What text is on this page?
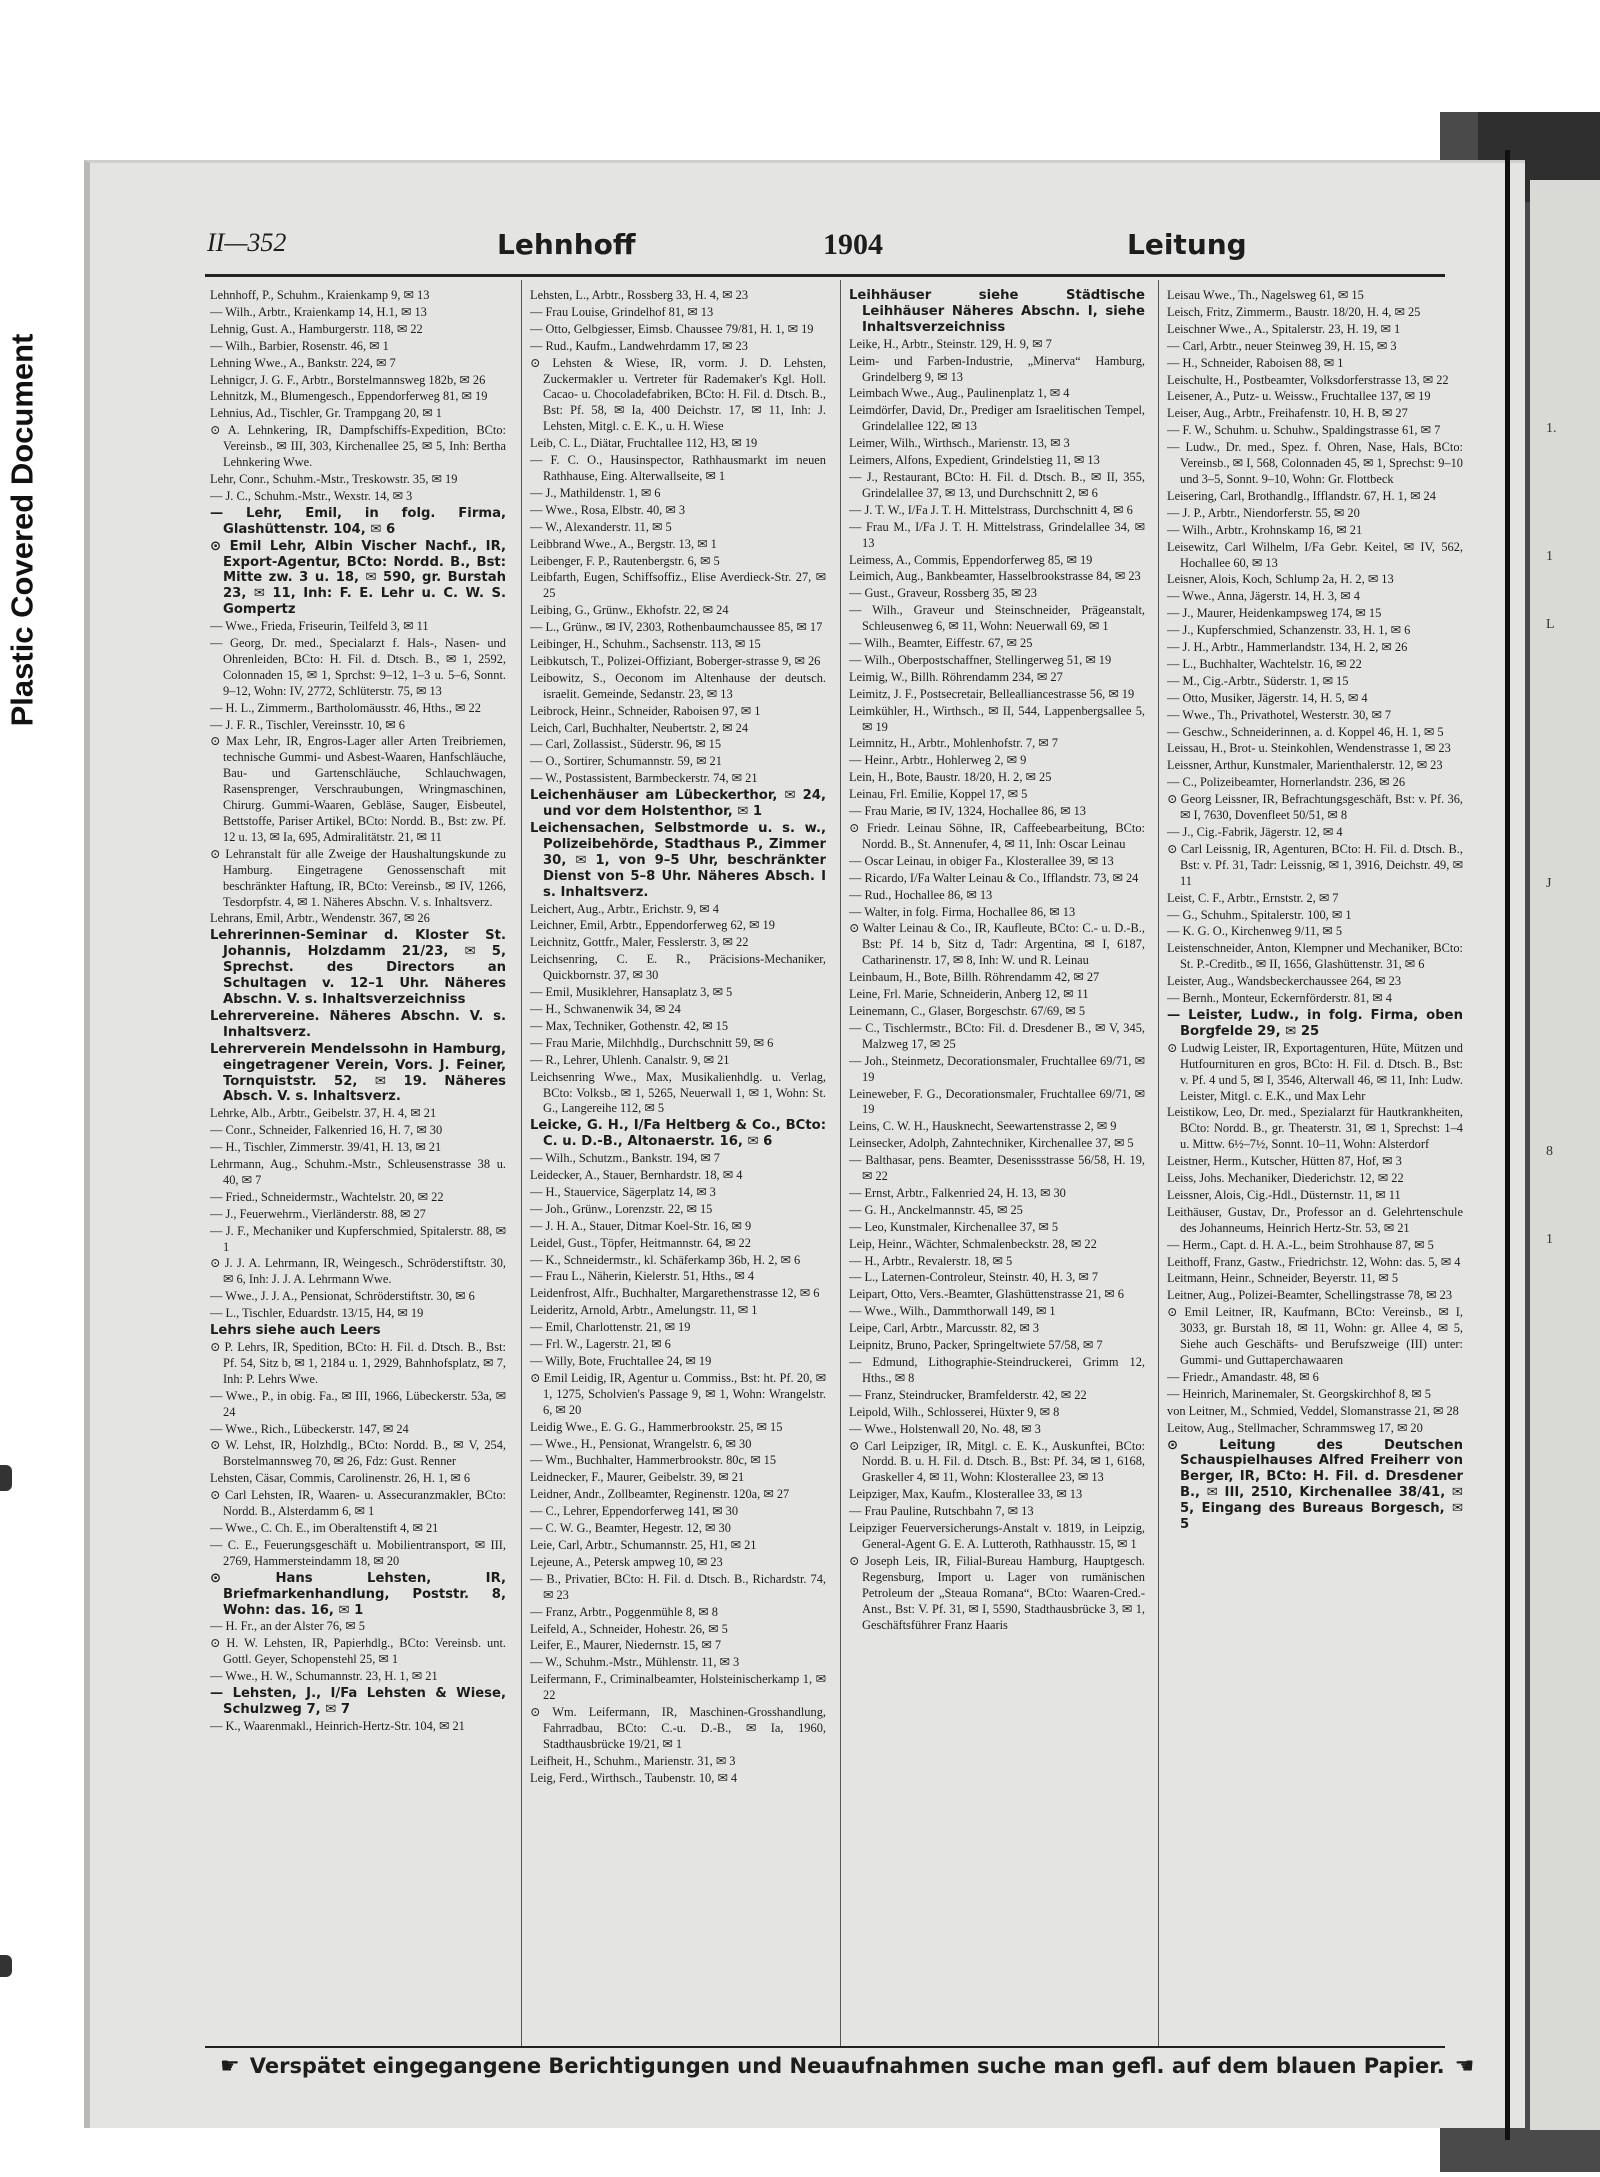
Plastic Covered Document	1.
1
L
J
8
1
II—352	Lehnhoff	1904	Leitung
Lehnhoff, P., Schuhm., Kraienkamp 9, ✉ 13
— Wilh., Arbtr., Kraienkamp 14, H.1, ✉ 13
Lehnig, Gust. A., Hamburgerstr. 118, ✉ 22
— Wilh., Barbier, Rosenstr. 46, ✉ 1
Lehning Wwe., A., Bankstr. 224, ✉ 7
Lehnigcr, J. G. F., Arbtr., Borstelmannsweg 182b, ✉ 26
Lehnitzk, M., Blumengesch., Eppendorferweg 81, ✉ 19
Lehnius, Ad., Tischler, Gr. Trampgang 20, ✉ 1
⊙ A. Lehnkering, IR, Dampfschiffs-Expedition, BCto: Vereinsb., ✉ III, 303, Kirchenallee 25, ✉ 5, Inh: Bertha Lehnkering Wwe.
Lehr, Conr., Schuhm.-Mstr., Treskowstr. 35, ✉ 19
— J. C., Schuhm.-Mstr., Wexstr. 14, ✉ 3
— Lehr, Emil, in folg. Firma, Glashüttenstr. 104, ✉ 6
⊙ Emil Lehr, Albin Vischer Nachf., IR, Export-Agentur, BCto: Nordd. B., Bst: Mitte zw. 3 u. 18, ✉ 590, gr. Burstah 23, ✉ 11, Inh: F. E. Lehr u. C. W. S. Gompertz
— Wwe., Frieda, Friseurin, Teilfeld 3, ✉ 11
— Georg, Dr. med., Specialarzt f. Hals-, Nasen- und Ohrenleiden, BCto: H. Fil. d. Dtsch. B., ✉ 1, 2592, Colonnaden 15, ✉ 1, Sprchst: 9–12, 1–3 u. 5–6, Sonnt. 9–12, Wohn: IV, 2772, Schlüterstr. 75, ✉ 13
— H. L., Zimmerm., Bartholomäusstr. 46, Hths., ✉ 22
— J. F. R., Tischler, Vereinsstr. 10, ✉ 6
⊙ Max Lehr, IR, Engros-Lager aller Arten Treibriemen, technische Gummi- und Asbest-Waaren, Hanfschläuche, Bau- und Gartenschläuche, Schlauchwagen, Rasensprenger, Verschraubungen, Wringmaschinen, Chirurg. Gummi-Waaren, Gebläse, Sauger, Eisbeutel, Bettstoffe, Pariser Artikel, BCto: Nordd. B., Bst: zw. Pf. 12 u. 13, ✉ Ia, 695, Admiralitätstr. 21, ✉ 11
⊙ Lehranstalt für alle Zweige der Haushaltungskunde zu Hamburg. Eingetragene Genossenschaft mit beschränkter Haftung, IR, BCto: Vereinsb., ✉ IV, 1266, Tesdorpfstr. 4, ✉ 1. Näheres Abschn. V. s. Inhaltsverz.
Lehrans, Emil, Arbtr., Wendenstr. 367, ✉ 26
Lehrerinnen-Seminar d. Kloster St. Johannis, Holzdamm 21/23, ✉ 5, Sprechst. des Directors an Schultagen v. 12–1 Uhr. Näheres Abschn. V. s. Inhaltsverzeichniss
Lehrervereine. Näheres Abschn. V. s. Inhaltsverz.
Lehrerverein Mendelssohn in Hamburg, eingetragener Verein, Vors. J. Feiner, Tornquiststr. 52, ✉ 19. Näheres Absch. V. s. Inhaltsverz.
Lehrke, Alb., Arbtr., Geibelstr. 37, H. 4, ✉ 21
— Conr., Schneider, Falkenried 16, H. 7, ✉ 30
— H., Tischler, Zimmerstr. 39/41, H. 13, ✉ 21
Lehrmann, Aug., Schuhm.-Mstr., Schleusenstrasse 38 u. 40, ✉ 7
— Fried., Schneidermstr., Wachtelstr. 20, ✉ 22
— J., Feuerwehrm., Vierländerstr. 88, ✉ 27
— J. F., Mechaniker und Kupferschmied, Spitalerstr. 88, ✉ 1
⊙ J. J. A. Lehrmann, IR, Weingesch., Schröderstiftstr. 30, ✉ 6, Inh: J. J. A. Lehrmann Wwe.
— Wwe., J. J. A., Pensionat, Schröderstiftstr. 30, ✉ 6
— L., Tischler, Eduardstr. 13/15, H4, ✉ 19
Lehrs siehe auch Leers
⊙ P. Lehrs, IR, Spedition, BCto: H. Fil. d. Dtsch. B., Bst: Pf. 54, Sitz b, ✉ 1, 2184 u. 1, 2929, Bahnhofsplatz, ✉ 7, Inh: P. Lehrs Wwe.
— Wwe., P., in obig. Fa., ✉ III, 1966, Lübeckerstr. 53a, ✉ 24
— Wwe., Rich., Lübeckerstr. 147, ✉ 24
⊙ W. Lehst, IR, Holzhdlg., BCto: Nordd. B., ✉ V, 254, Borstelmannsweg 70, ✉ 26, Fdz: Gust. Renner
Lehsten, Cäsar, Commis, Carolinenstr. 26, H. 1, ✉ 6
⊙ Carl Lehsten, IR, Waaren- u. Assecuranzmakler, BCto: Nordd. B., Alsterdamm 6, ✉ 1
— Wwe., C. Ch. E., im Oberaltenstift 4, ✉ 21
— C. E., Feuerungsgeschäft u. Mobilientransport, ✉ III, 2769, Hammersteindamm 18, ✉ 20
⊙ Hans Lehsten, IR, Briefmarkenhandlung, Poststr. 8, Wohn: das. 16, ✉ 1
— H. Fr., an der Alster 76, ✉ 5
⊙ H. W. Lehsten, IR, Papierhdlg., BCto: Vereinsb. unt. Gottl. Geyer, Schopenstehl 25, ✉ 1
— Wwe., H. W., Schumannstr. 23, H. 1, ✉ 21
— Lehsten, J., I/Fa Lehsten & Wiese, Schulzweg 7, ✉ 7
— K., Waarenmakl., Heinrich-Hertz-Str. 104, ✉ 21
Lehsten, L., Arbtr., Rossberg 33, H. 4, ✉ 23
— Frau Louise, Grindelhof 81, ✉ 13
— Otto, Gelbgiesser, Eimsb. Chaussee 79/81, H. 1, ✉ 19
— Rud., Kaufm., Landwehrdamm 17, ✉ 23
⊙ Lehsten & Wiese, IR, vorm. J. D. Lehsten, Zuckermakler u. Vertreter für Rademaker's Kgl. Holl. Cacao- u. Chocoladefabriken, BCto: H. Fil. d. Dtsch. B., Bst: Pf. 58, ✉ Ia, 400 Deichstr. 17, ✉ 11, Inh: J. Lehsten, Mitgl. c. E. K., u. H. Wiese
Leib, C. L., Diätar, Fruchtallee 112, H3, ✉ 19
— F. C. O., Hausinspector, Rathhausmarkt im neuen Rathhause, Eing. Alterwallseite, ✉ 1
— J., Mathildenstr. 1, ✉ 6
— Wwe., Rosa, Elbstr. 40, ✉ 3
— W., Alexanderstr. 11, ✉ 5
Leibbrand Wwe., A., Bergstr. 13, ✉ 1
Leibenger, F. P., Rautenbergstr. 6, ✉ 5
Leibfarth, Eugen, Schiffsoffiz., Elise Averdieck-Str. 27, ✉ 25
Leibing, G., Grünw., Ekhofstr. 22, ✉ 24
— L., Grünw., ✉ IV, 2303, Rothenbaumchaussee 85, ✉ 17
Leibinger, H., Schuhm., Sachsenstr. 113, ✉ 15
Leibkutsch, T., Polizei-Offiziant, Boberger-strasse 9, ✉ 26
Leibowitz, S., Oeconom im Altenhause der deutsch. israelit. Gemeinde, Sedanstr. 23, ✉ 13
Leibrock, Heinr., Schneider, Raboisen 97, ✉ 1
Leich, Carl, Buchhalter, Neubertstr. 2, ✉ 24
— Carl, Zollassist., Süderstr. 96, ✉ 15
— O., Sortirer, Schumannstr. 59, ✉ 21
— W., Postassistent, Barmbeckerstr. 74, ✉ 21
Leichenhäuser am Lübeckerthor, ✉ 24, und vor dem Holstenthor, ✉ 1
Leichensachen, Selbstmorde u. s. w., Polizeibehörde, Stadthaus P., Zimmer 30, ✉ 1, von 9–5 Uhr, beschränkter Dienst von 5–8 Uhr. Näheres Absch. I s. Inhaltsverz.
Leichert, Aug., Arbtr., Erichstr. 9, ✉ 4
Leichner, Emil, Arbtr., Eppendorferweg 62, ✉ 19
Leichnitz, Gottfr., Maler, Fesslerstr. 3, ✉ 22
Leichsenring, C. E. R., Präcisions-Mechaniker, Quickbornstr. 37, ✉ 30
— Emil, Musiklehrer, Hansaplatz 3, ✉ 5
— H., Schwanenwik 34, ✉ 24
— Max, Techniker, Gothenstr. 42, ✉ 15
— Frau Marie, Milchhdlg., Durchschnitt 59, ✉ 6
— R., Lehrer, Uhlenh. Canalstr. 9, ✉ 21
Leichsenring Wwe., Max, Musikalienhdlg. u. Verlag, BCto: Volksb., ✉ 1, 5265, Neuerwall 1, ✉ 1, Wohn: St. G., Langereihe 112, ✉ 5
Leicke, G. H., I/Fa Heltberg & Co., BCto: C. u. D.-B., Altonaerstr. 16, ✉ 6
— Wilh., Schutzm., Bankstr. 194, ✉ 7
Leidecker, A., Stauer, Bernhardstr. 18, ✉ 4
— H., Stauervice, Sägerplatz 14, ✉ 3
— Joh., Grünw., Lorenzstr. 22, ✉ 15
— J. H. A., Stauer, Ditmar Koel-Str. 16, ✉ 9
Leidel, Gust., Töpfer, Heitmannstr. 64, ✉ 22
— K., Schneidermstr., kl. Schäferkamp 36b, H. 2, ✉ 6
— Frau L., Näherin, Kielerstr. 51, Hths., ✉ 4
Leidenfrost, Alfr., Buchhalter, Margarethenstrasse 12, ✉ 6
Leideritz, Arnold, Arbtr., Amelungstr. 11, ✉ 1
— Emil, Charlottenstr. 21, ✉ 19
— Frl. W., Lagerstr. 21, ✉ 6
— Willy, Bote, Fruchtallee 24, ✉ 19
⊙ Emil Leidig, IR, Agentur u. Commiss., Bst: ht. Pf. 20, ✉ 1, 1275, Scholvien's Passage 9, ✉ 1, Wohn: Wrangelstr. 6, ✉ 20
Leidig Wwe., E. G. G., Hammerbrookstr. 25, ✉ 15
— Wwe., H., Pensionat, Wrangelstr. 6, ✉ 30
— Wm., Buchhalter, Hammerbrookstr. 80c, ✉ 15
Leidnecker, F., Maurer, Geibelstr. 39, ✉ 21
Leidner, Andr., Zollbeamter, Reginenstr. 120a, ✉ 27
— C., Lehrer, Eppendorferweg 141, ✉ 30
— C. W. G., Beamter, Hegestr. 12, ✉ 30
Leie, Carl, Arbtr., Schumannstr. 25, H1, ✉ 21
Lejeune, A., Petersk ampweg 10, ✉ 23
— B., Privatier, BCto: H. Fil. d. Dtsch. B., Richardstr. 74, ✉ 23
— Franz, Arbtr., Poggenmühle 8, ✉ 8
Leifeld, A., Schneider, Hohestr. 26, ✉ 5
Leifer, E., Maurer, Niedernstr. 15, ✉ 7
— W., Schuhm.-Mstr., Mühlenstr. 11, ✉ 3
Leifermann, F., Criminalbeamter, Holsteinischerkamp 1, ✉ 22
⊙ Wm. Leifermann, IR, Maschinen-Grosshandlung, Fahrradbau, BCto: C.-u. D.-B., ✉ Ia, 1960, Stadthausbrücke 19/21, ✉ 1
Leifheit, H., Schuhm., Marienstr. 31, ✉ 3
Leig, Ferd., Wirthsch., Taubenstr. 10, ✉ 4
Leihhäuser siehe Städtische Leihhäuser Näheres Abschn. I, siehe Inhaltsverzeichniss
Leike, H., Arbtr., Steinstr. 129, H. 9, ✉ 7
Leim- und Farben-Industrie, „Minerva“ Hamburg, Grindelberg 9, ✉ 13
Leimbach Wwe., Aug., Paulinenplatz 1, ✉ 4
Leimdörfer, David, Dr., Prediger am Israelitischen Tempel, Grindelallee 122, ✉ 13
Leimer, Wilh., Wirthsch., Marienstr. 13, ✉ 3
Leimers, Alfons, Expedient, Grindelstieg 11, ✉ 13
— J., Restaurant, BCto: H. Fil. d. Dtsch. B., ✉ II, 355, Grindelallee 37, ✉ 13, und Durchschnitt 2, ✉ 6
— J. T. W., I/Fa J. T. H. Mittelstrass, Durchschnitt 4, ✉ 6
— Frau M., I/Fa J. T. H. Mittelstrass, Grindelallee 34, ✉ 13
Leimess, A., Commis, Eppendorferweg 85, ✉ 19
Leimich, Aug., Bankbeamter, Hasselbrookstrasse 84, ✉ 23
— Gust., Graveur, Rossberg 35, ✉ 23
— Wilh., Graveur und Steinschneider, Prägeanstalt, Schleusenweg 6, ✉ 11, Wohn: Neuerwall 69, ✉ 1
— Wilh., Beamter, Eiffestr. 67, ✉ 25
— Wilh., Oberpostschaffner, Stellingerweg 51, ✉ 19
Leimig, W., Billh. Röhrendamm 234, ✉ 27
Leimitz, J. F., Postsecretair, Bellealliancestrasse 56, ✉ 19
Leimkühler, H., Wirthsch., ✉ II, 544, Lappenbergsallee 5, ✉ 19
Leimnitz, H., Arbtr., Mohlenhofstr. 7, ✉ 7
— Heinr., Arbtr., Hohlerweg 2, ✉ 9
Lein, H., Bote, Baustr. 18/20, H. 2, ✉ 25
Leinau, Frl. Emilie, Koppel 17, ✉ 5
— Frau Marie, ✉ IV, 1324, Hochallee 86, ✉ 13
⊙ Friedr. Leinau Söhne, IR, Caffeebearbeitung, BCto: Nordd. B., St. Annenufer, 4, ✉ 11, Inh: Oscar Leinau
— Oscar Leinau, in obiger Fa., Klosterallee 39, ✉ 13
— Ricardo, I/Fa Walter Leinau & Co., Ifflandstr. 73, ✉ 24
— Rud., Hochallee 86, ✉ 13
— Walter, in folg. Firma, Hochallee 86, ✉ 13
⊙ Walter Leinau & Co., IR, Kaufleute, BCto: C.- u. D.-B., Bst: Pf. 14 b, Sitz d, Tadr: Argentina, ✉ I, 6187, Catharinenstr. 17, ✉ 8, Inh: W. und R. Leinau
Leinbaum, H., Bote, Billh. Röhrendamm 42, ✉ 27
Leine, Frl. Marie, Schneiderin, Anberg 12, ✉ 11
Leinemann, C., Glaser, Borgeschstr. 67/69, ✉ 5
— C., Tischlermstr., BCto: Fil. d. Dresdener B., ✉ V, 345, Malzweg 17, ✉ 25
— Joh., Steinmetz, Decorationsmaler, Fruchtallee 69/71, ✉ 19
Leineweber, F. G., Decorationsmaler, Fruchtallee 69/71, ✉ 19
Leins, C. W. H., Hausknecht, Seewartenstrasse 2, ✉ 9
Leinsecker, Adolph, Zahntechniker, Kirchenallee 37, ✉ 5
— Balthasar, pens. Beamter, Desenissstrasse 56/58, H. 19, ✉ 22
— Ernst, Arbtr., Falkenried 24, H. 13, ✉ 30
— G. H., Anckelmannstr. 45, ✉ 25
— Leo, Kunstmaler, Kirchenallee 37, ✉ 5
Leip, Heinr., Wächter, Schmalenbeckstr. 28, ✉ 22
— H., Arbtr., Revalerstr. 18, ✉ 5
— L., Laternen-Controleur, Steinstr. 40, H. 3, ✉ 7
Leipart, Otto, Vers.-Beamter, Glashüttenstrasse 21, ✉ 6
— Wwe., Wilh., Dammthorwall 149, ✉ 1
Leipe, Carl, Arbtr., Marcusstr. 82, ✉ 3
Leipnitz, Bruno, Packer, Springeltwiete 57/58, ✉ 7
— Edmund, Lithographie-Steindruckerei, Grimm 12, Hths., ✉ 8
— Franz, Steindrucker, Bramfelderstr. 42, ✉ 22
Leipold, Wilh., Schlosserei, Hüxter 9, ✉ 8
— Wwe., Holstenwall 20, No. 48, ✉ 3
⊙ Carl Leipziger, IR, Mitgl. c. E. K., Auskunftei, BCto: Nordd. B. u. H. Fil. d. Dtsch. B., Bst: Pf. 34, ✉ 1, 6168, Graskeller 4, ✉ 11, Wohn: Klosterallee 23, ✉ 13
Leipziger, Max, Kaufm., Klosterallee 33, ✉ 13
— Frau Pauline, Rutschbahn 7, ✉ 13
Leipziger Feuerversicherungs-Anstalt v. 1819, in Leipzig, General-Agent G. E. A. Lutteroth, Rathhausstr. 15, ✉ 1
⊙ Joseph Leis, IR, Filial-Bureau Hamburg, Hauptgesch. Regensburg, Import u. Lager von rumänischen Petroleum der „Steaua Romana“, BCto: Waaren-Cred.-Anst., Bst: V. Pf. 31, ✉ I, 5590, Stadthausbrücke 3, ✉ 1, Geschäftsführer Franz Haaris
Leisau Wwe., Th., Nagelsweg 61, ✉ 15
Leisch, Fritz, Zimmerm., Baustr. 18/20, H. 4, ✉ 25
Leischner Wwe., A., Spitalerstr. 23, H. 19, ✉ 1
— Carl, Arbtr., neuer Steinweg 39, H. 15, ✉ 3
— H., Schneider, Raboisen 88, ✉ 1
Leischulte, H., Postbeamter, Volksdorferstrasse 13, ✉ 22
Leisener, A., Putz- u. Weissw., Fruchtallee 137, ✉ 19
Leiser, Aug., Arbtr., Freihafenstr. 10, H. B, ✉ 27
— F. W., Schuhm. u. Schuhw., Spaldingstrasse 61, ✉ 7
— Ludw., Dr. med., Spez. f. Ohren, Nase, Hals, BCto: Vereinsb., ✉ I, 568, Colonnaden 45, ✉ 1, Sprechst: 9–10 und 3–5, Sonnt. 9–10, Wohn: Gr. Flottbeck
Leisering, Carl, Brothandlg., Ifflandstr. 67, H. 1, ✉ 24
— J. P., Arbtr., Niendorferstr. 55, ✉ 20
— Wilh., Arbtr., Krohnskamp 16, ✉ 21
Leisewitz, Carl Wilhelm, I/Fa Gebr. Keitel, ✉ IV, 562, Hochallee 60, ✉ 13
Leisner, Alois, Koch, Schlump 2a, H. 2, ✉ 13
— Wwe., Anna, Jägerstr. 14, H. 3, ✉ 4
— J., Maurer, Heidenkampsweg 174, ✉ 15
— J., Kupferschmied, Schanzenstr. 33, H. 1, ✉ 6
— J. H., Arbtr., Hammerlandstr. 134, H. 2, ✉ 26
— L., Buchhalter, Wachtelstr. 16, ✉ 22
— M., Cig.-Arbtr., Süderstr. 1, ✉ 15
— Otto, Musiker, Jägerstr. 14, H. 5, ✉ 4
— Wwe., Th., Privathotel, Westerstr. 30, ✉ 7
— Geschw., Schneiderinnen, a. d. Koppel 46, H. 1, ✉ 5
Leissau, H., Brot- u. Steinkohlen, Wendenstrasse 1, ✉ 23
Leissner, Arthur, Kunstmaler, Marienthalerstr. 12, ✉ 23
— C., Polizeibeamter, Hornerlandstr. 236, ✉ 26
⊙ Georg Leissner, IR, Befrachtungsgeschäft, Bst: v. Pf. 36, ✉ I, 7630, Dovenfleet 50/51, ✉ 8
— J., Cig.-Fabrik, Jägerstr. 12, ✉ 4
⊙ Carl Leissnig, IR, Agenturen, BCto: H. Fil. d. Dtsch. B., Bst: v. Pf. 31, Tadr: Leissnig, ✉ 1, 3916, Deichstr. 49, ✉ 11
Leist, C. F., Arbtr., Ernststr. 2, ✉ 7
— G., Schuhm., Spitalerstr. 100, ✉ 1
— K. G. O., Kirchenweg 9/11, ✉ 5
Leistenschneider, Anton, Klempner und Mechaniker, BCto: St. P.-Creditb., ✉ II, 1656, Glashüttenstr. 31, ✉ 6
Leister, Aug., Wandsbeckerchaussee 264, ✉ 23
— Bernh., Monteur, Eckernförderstr. 81, ✉ 4
— Leister, Ludw., in folg. Firma, oben Borgfelde 29, ✉ 25
⊙ Ludwig Leister, IR, Exportagenturen, Hüte, Mützen und Hutfournituren en gros, BCto: H. Fil. d. Dtsch. B., Bst: v. Pf. 4 und 5, ✉ I, 3546, Alterwall 46, ✉ 11, Inh: Ludw. Leister, Mitgl. c. E.K., und Max Lehr
Leistikow, Leo, Dr. med., Spezialarzt für Hautkrankheiten, BCto: Nordd. B., gr. Theaterstr. 31, ✉ 1, Sprechst: 1–4 u. Mittw. 6½–7½, Sonnt. 10–11, Wohn: Alsterdorf
Leistner, Herm., Kutscher, Hütten 87, Hof, ✉ 3
Leiss, Johs. Mechaniker, Diederichstr. 12, ✉ 22
Leissner, Alois, Cig.-Hdl., Düsternstr. 11, ✉ 11
Leithäuser, Gustav, Dr., Professor an d. Gelehrtenschule des Johanneums, Heinrich Hertz-Str. 53, ✉ 21
— Herm., Capt. d. H. A.-L., beim Strohhause 87, ✉ 5
Leithoff, Franz, Gastw., Friedrichstr. 12, Wohn: das. 5, ✉ 4
Leitmann, Heinr., Schneider, Beyerstr. 11, ✉ 5
Leitner, Aug., Polizei-Beamter, Schellingstrasse 78, ✉ 23
⊙ Emil Leitner, IR, Kaufmann, BCto: Vereinsb., ✉ I, 3033, gr. Burstah 18, ✉ 11, Wohn: gr. Allee 4, ✉ 5, Siehe auch Geschäfts- und Berufszweige (III) unter: Gummi- und Guttaperchawaaren
— Friedr., Amandastr. 48, ✉ 6
— Heinrich, Marinemaler, St. Georgskirchhof 8, ✉ 5
von Leitner, M., Schmied, Veddel, Slomanstrasse 21, ✉ 28
Leitow, Aug., Stellmacher, Schrammsweg 17, ✉ 20
⊙ Leitung des Deutschen Schauspielhauses Alfred Freiherr von Berger, IR, BCto: H. Fil. d. Dresdener B., ✉ III, 2510, Kirchenallee 38/41, ✉ 5, Eingang des Bureaus Borgesch, ✉ 5
☛ Verspätet eingegangene Berichtigungen und Neuaufnahmen suche man gefl. auf dem blauen Papier. ☚
